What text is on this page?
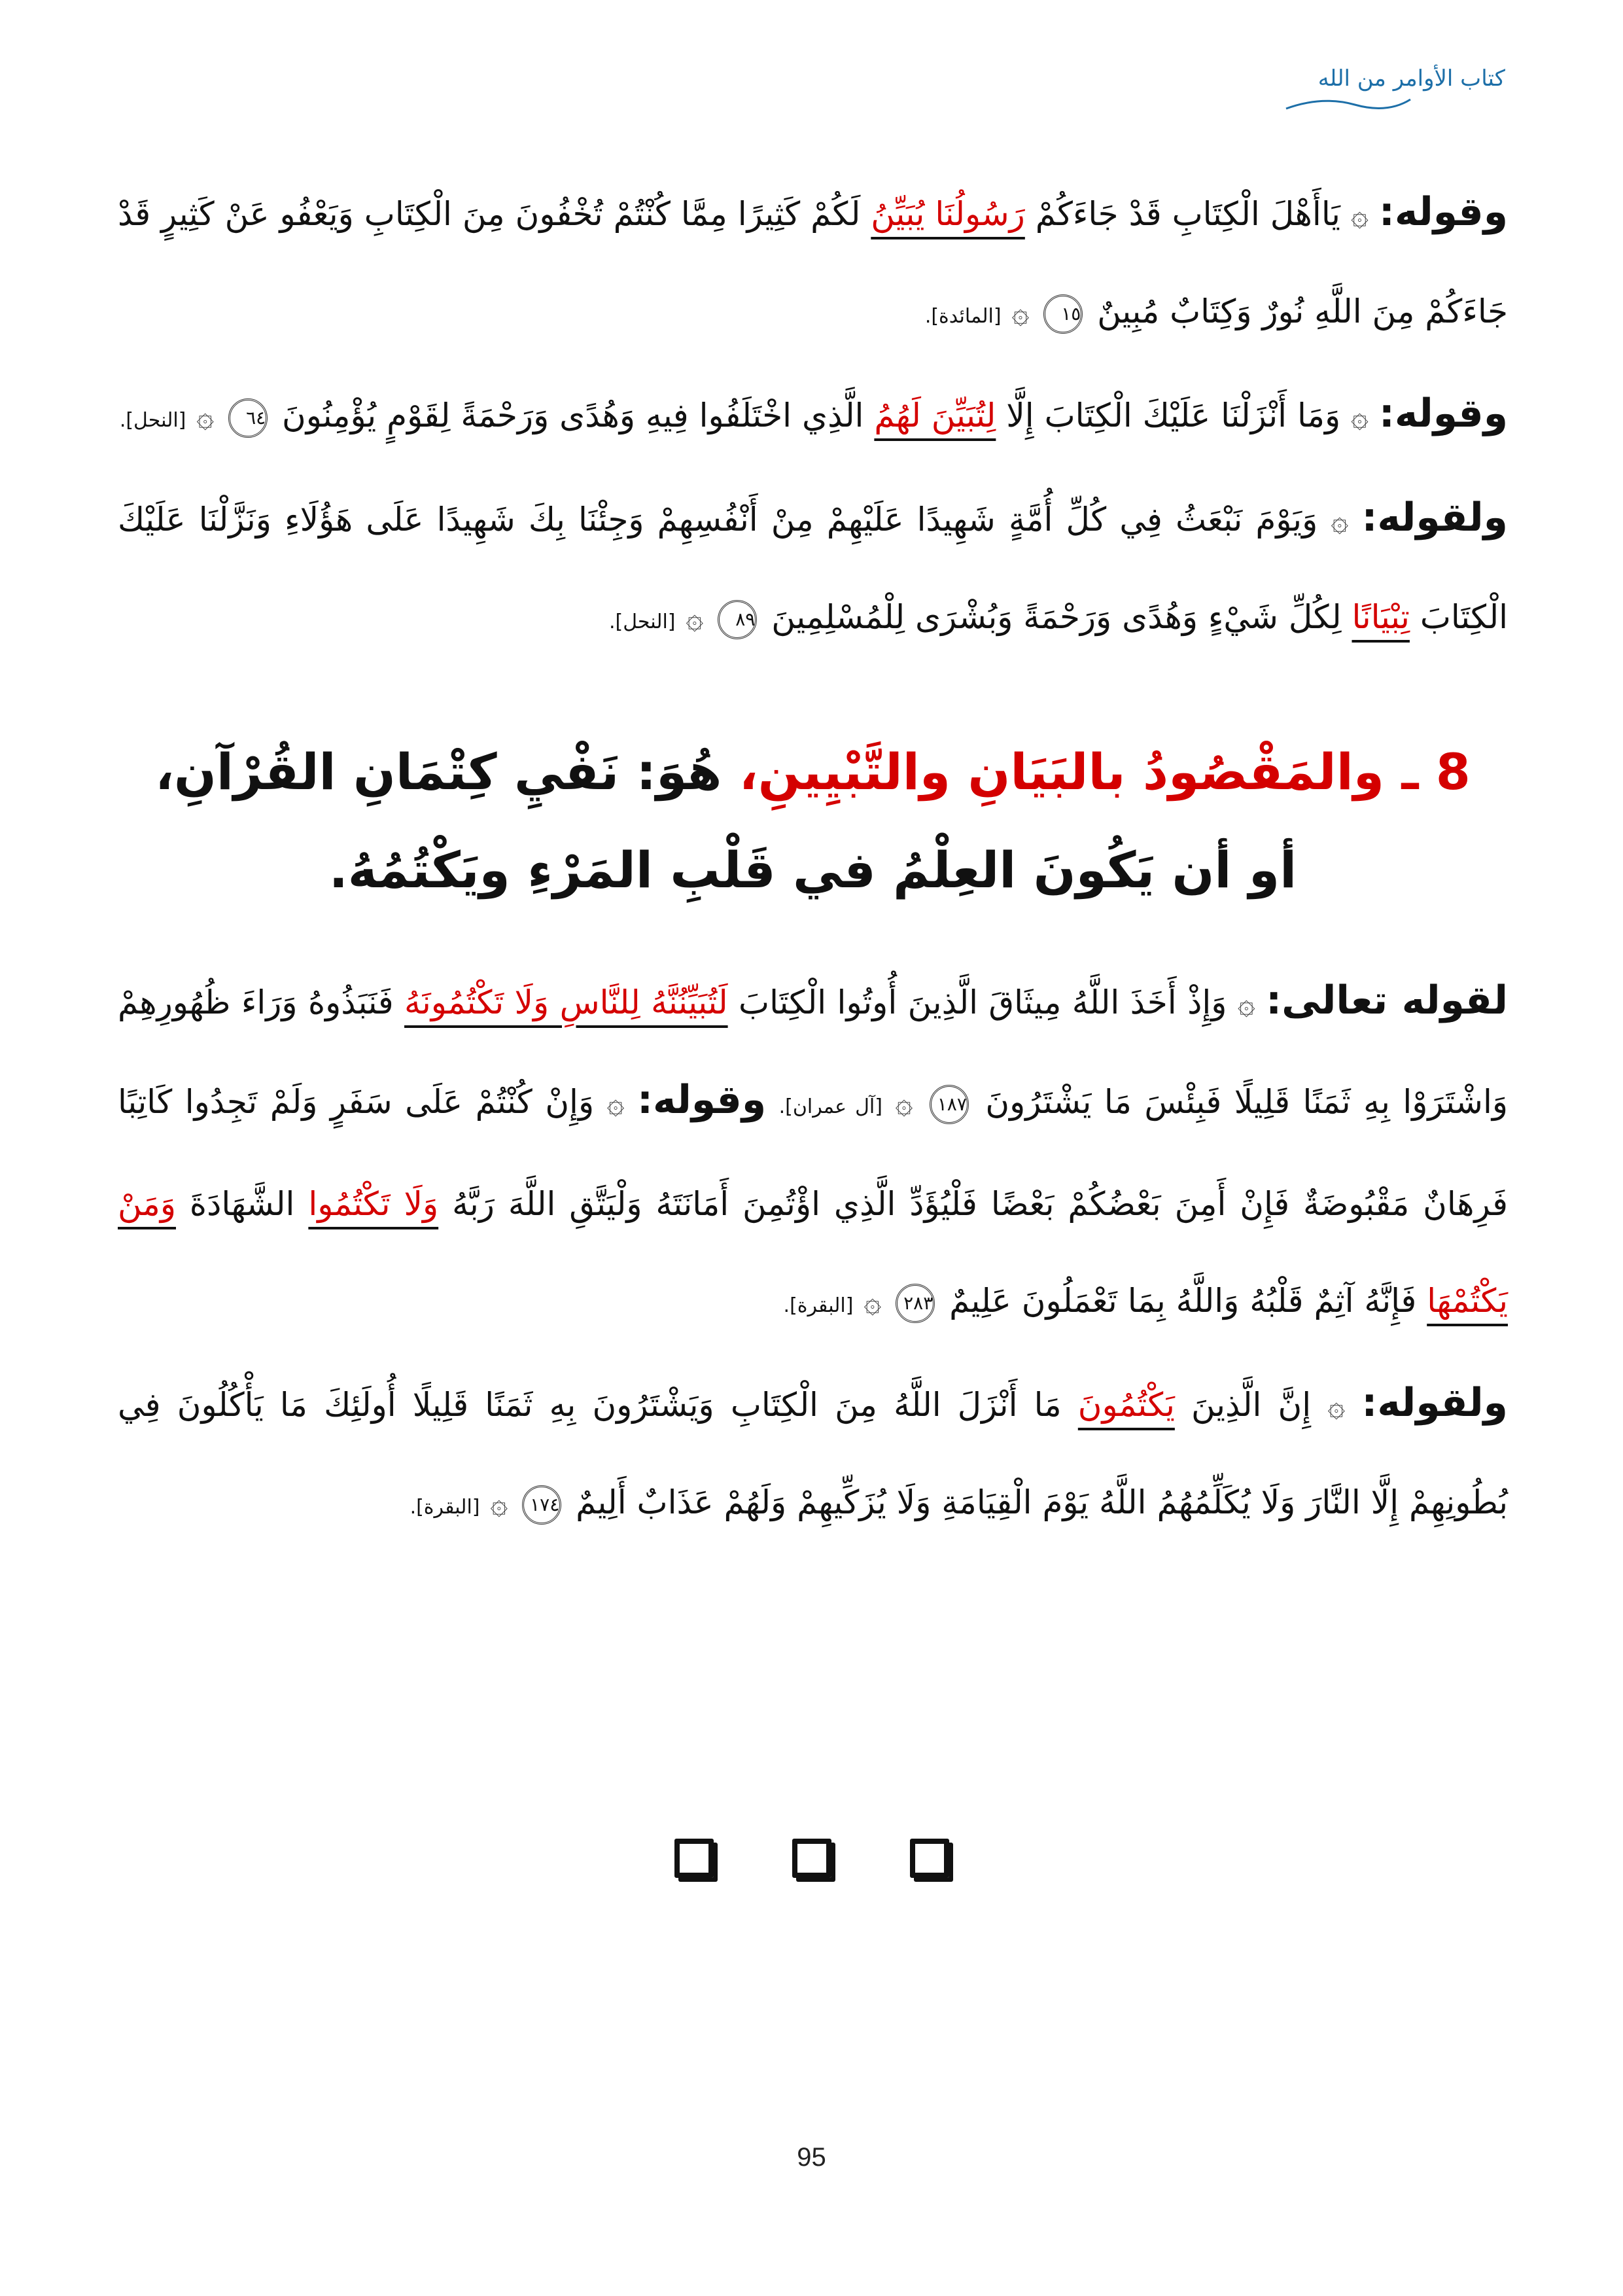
كتاب الأوامر من الله

وقوله: ۞ يَاأَهْلَ الْكِتَابِ قَدْ جَاءَكُمْ رَسُولُنَا يُبَيِّنُ لَكُمْ كَثِيرًا مِمَّا كُنْتُمْ تُخْفُونَ مِنَ الْكِتَابِ وَيَعْفُو عَنْ كَثِيرٍ قَدْ جَاءَكُمْ مِنَ اللَّهِ نُورٌ وَكِتَابٌ مُبِينٌ ١٥ ۞ [المائدة].

وقوله: ۞ وَمَا أَنْزَلْنَا عَلَيْكَ الْكِتَابَ إِلَّا لِتُبَيِّنَ لَهُمُ الَّذِي اخْتَلَفُوا فِيهِ وَهُدًى وَرَحْمَةً لِقَوْمٍ يُؤْمِنُونَ ٦٤ ۞ [النحل].

ولقوله: ۞ وَيَوْمَ نَبْعَثُ فِي كُلِّ أُمَّةٍ شَهِيدًا عَلَيْهِمْ مِنْ أَنْفُسِهِمْ وَجِئْنَا بِكَ شَهِيدًا عَلَى هَؤُلَاءِ وَنَزَّلْنَا عَلَيْكَ الْكِتَابَ تِبْيَانًا لِكُلِّ شَيْءٍ وَهُدًى وَرَحْمَةً وَبُشْرَى لِلْمُسْلِمِينَ ٨٩ ۞ [النحل].

8 ـ والمَقْصُودُ بالبَيَانِ والتَّبْيِينِ، هُوَ: نَفْيِ كِتْمَانِ القُرْآنِ،
أو أن يَكُونَ العِلْمُ في قَلْبِ المَرْءِ ويَكْتُمُهُ.

لقوله تعالى: ۞ وَإِذْ أَخَذَ اللَّهُ مِيثَاقَ الَّذِينَ أُوتُوا الْكِتَابَ لَتُبَيِّنُنَّهُ لِلنَّاسِ وَلَا تَكْتُمُونَهُ فَنَبَذُوهُ وَرَاءَ ظُهُورِهِمْ وَاشْتَرَوْا بِهِ ثَمَنًا قَلِيلًا فَبِئْسَ مَا يَشْتَرُونَ ١٨٧ ۞ [آل عمران]. وقوله: ۞ وَإِنْ كُنْتُمْ عَلَى سَفَرٍ وَلَمْ تَجِدُوا كَاتِبًا فَرِهَانٌ مَقْبُوضَةٌ فَإِنْ أَمِنَ بَعْضُكُمْ بَعْضًا فَلْيُؤَدِّ الَّذِي اؤْتُمِنَ أَمَانَتَهُ وَلْيَتَّقِ اللَّهَ رَبَّهُ وَلَا تَكْتُمُوا الشَّهَادَةَ وَمَنْ يَكْتُمْهَا فَإِنَّهُ آثِمٌ قَلْبُهُ وَاللَّهُ بِمَا تَعْمَلُونَ عَلِيمٌ ٢٨٣ ۞ [البقرة].

ولقوله: ۞ إِنَّ الَّذِينَ يَكْتُمُونَ مَا أَنْزَلَ اللَّهُ مِنَ الْكِتَابِ وَيَشْتَرُونَ بِهِ ثَمَنًا قَلِيلًا أُولَئِكَ مَا يَأْكُلُونَ فِي بُطُونِهِمْ إِلَّا النَّارَ وَلَا يُكَلِّمُهُمُ اللَّهُ يَوْمَ الْقِيَامَةِ وَلَا يُزَكِّيهِمْ وَلَهُمْ عَذَابٌ أَلِيمٌ ١٧٤ ۞ [البقرة].

95
